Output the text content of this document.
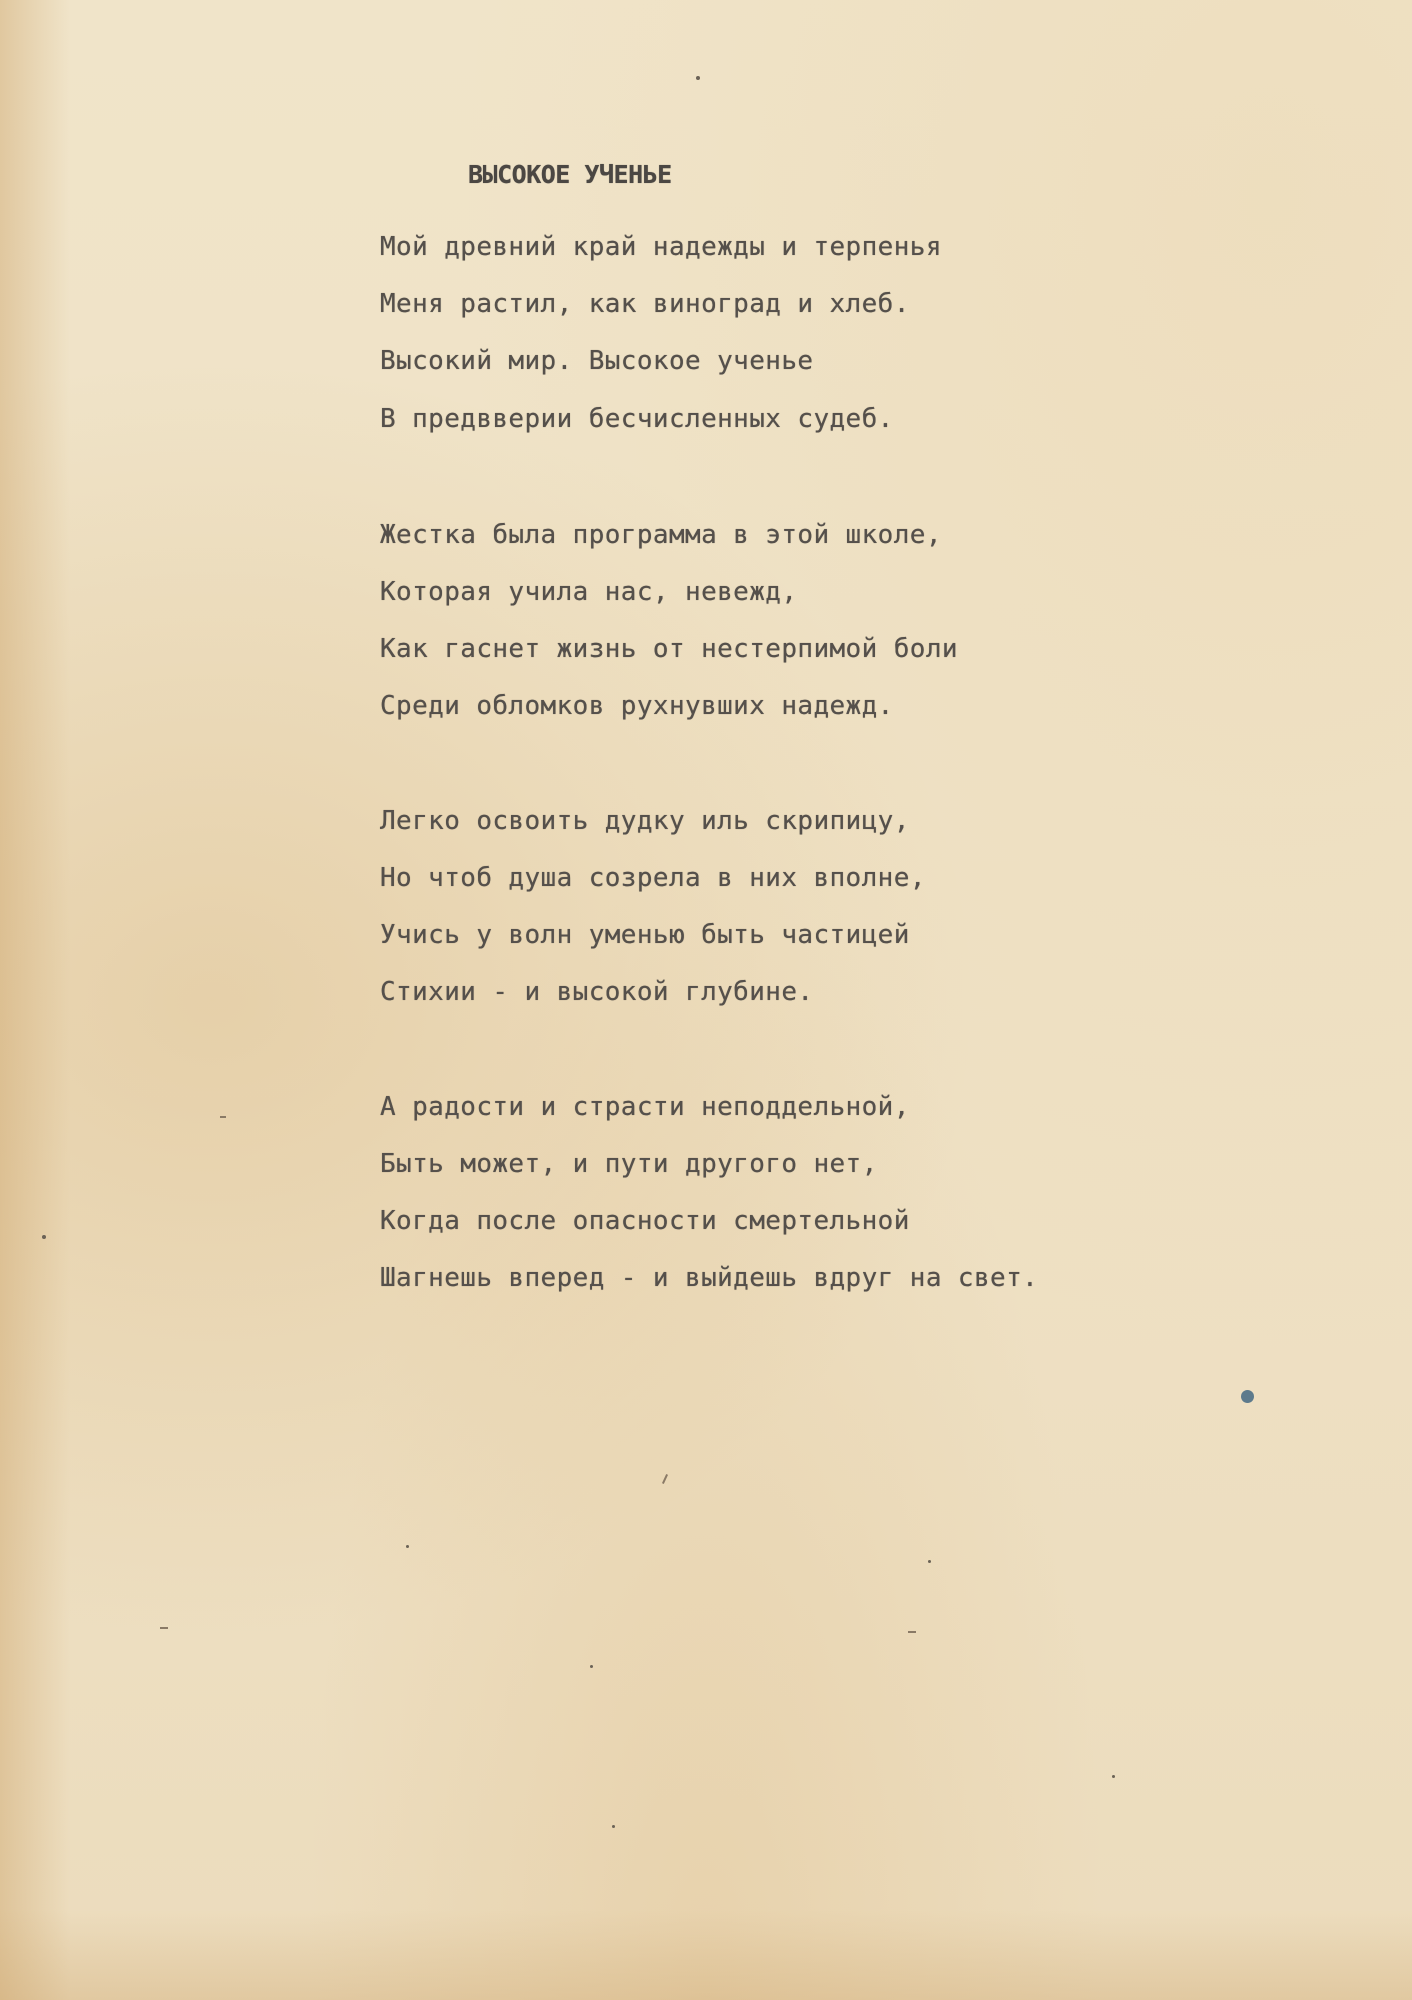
ВЫСОКОЕ УЧЕНЬЕ
Мой древний край надежды и терпенья
Меня растил, как виноград и хлеб.
Высокий мир. Высокое ученье
В предвверии бесчисленных судеб.
Жестка была программа в этой школе,
Которая учила нас, невежд,
Как гаснет жизнь от нестерпимой боли
Среди обломков рухнувших надежд.
Легко освоить дудку иль скрипицу,
Но чтоб душа созрела в них вполне,
Учись у волн уменью быть частицей
Стихии - и высокой глубине.
А радости и страсти неподдельной,
Быть может, и пути другого нет,
Когда после опасности смертельной
Шагнешь вперед - и выйдешь вдруг на свет.
